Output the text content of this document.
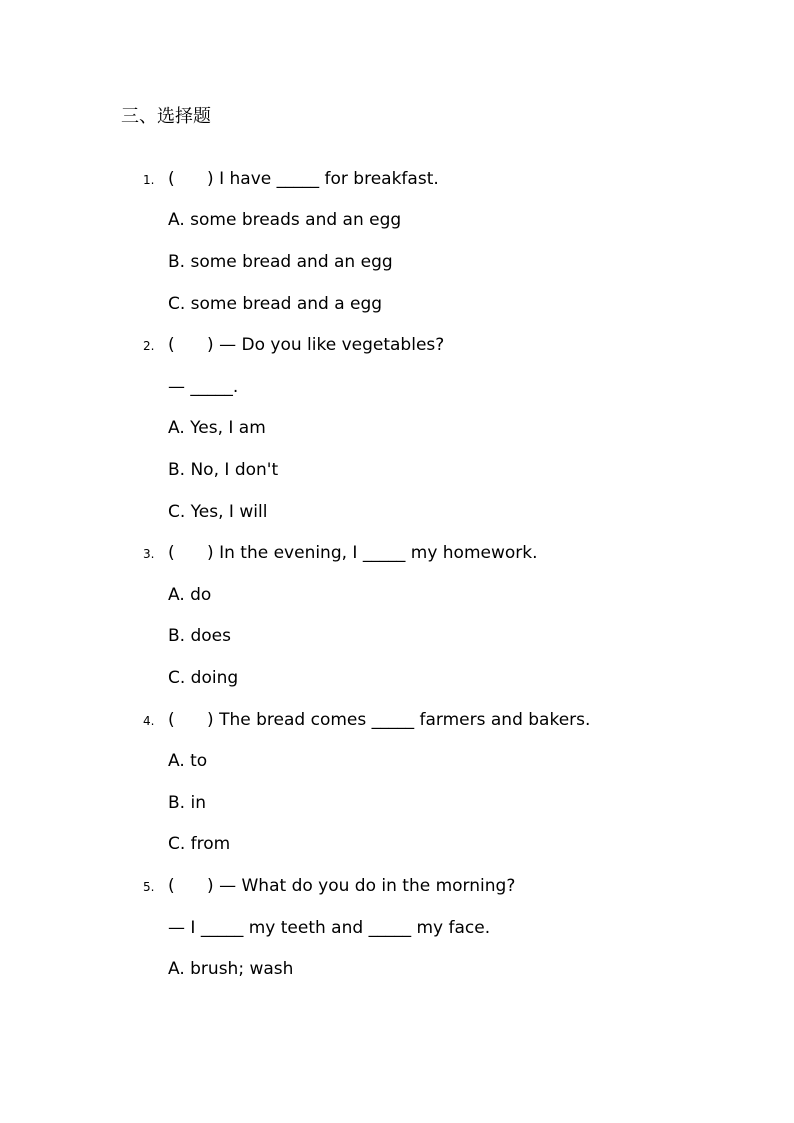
三、选择题
1. (      ) I have _____ for breakfast.
A. some breads and an egg
B. some bread and an egg
C. some bread and a egg
2. (      ) — Do you like vegetables?
— _____.
A. Yes, I am
B. No, I don't
C. Yes, I will
3. (      ) In the evening, I _____ my homework.
A. do
B. does
C. doing
4. (      ) The bread comes _____ farmers and bakers.
A. to
B. in
C. from
5. (      ) — What do you do in the morning?
— I _____ my teeth and _____ my face.
A. brush; wash
